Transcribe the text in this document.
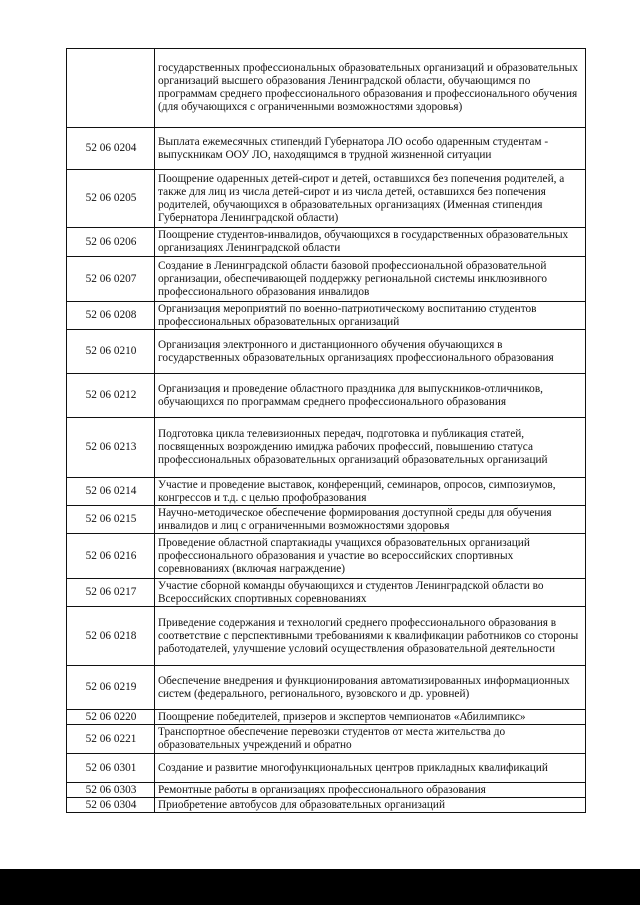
	государственных профессиональных образовательных организаций и образовательных организаций высшего образования Ленинградской области, обучающимся по программам среднего профессионального образования и профессионального обучения (для обучающихся с ограниченными возможностями здоровья)
52 06 0204	Выплата ежемесячных стипендий Губернатора ЛО особо одаренным студентам - выпускникам ООУ ЛО, находящимся в трудной жизненной ситуации
52 06 0205	Поощрение одаренных детей-сирот и детей, оставшихся без попечения родителей, а также для лиц из числа детей-сирот и из числа детей, оставшихся без попечения родителей, обучающихся в образовательных организациях (Именная стипендия Губернатора Ленинградской области)
52 06 0206	Поощрение студентов-инвалидов, обучающихся в государственных образовательных организациях Ленинградской области
52 06 0207	Создание в Ленинградской области базовой профессиональной образовательной организации, обеспечивающей поддержку региональной системы инклюзивного профессионального образования инвалидов
52 06 0208	Организация мероприятий по военно-патриотическому воспитанию студентов профессиональных образовательных организаций
52 06 0210	Организация электронного и дистанционного обучения обучающихся в государственных образовательных организациях профессионального образования
52 06 0212	Организация и проведение областного праздника для выпускников-отличников, обучающихся по программам среднего профессионального образования
52 06 0213	Подготовка цикла телевизионных передач, подготовка и публикация статей, посвященных возрождению имиджа рабочих профессий, повышению статуса профессиональных образовательных организаций образовательных организаций
52 06 0214	Участие и проведение выставок, конференций, семинаров, опросов, симпозиумов, конгрессов и т.д. с целью профобразования
52 06 0215	Научно-методическое обеспечение формирования доступной среды для обучения инвалидов и лиц с ограниченными возможностями здоровья
52 06 0216	Проведение областной спартакиады учащихся образовательных организаций профессионального образования и участие во всероссийских спортивных соревнованиях (включая награждение)
52 06 0217	Участие сборной команды обучающихся и студентов Ленинградской области во Всероссийских спортивных соревнованиях
52 06 0218	Приведение содержания и технологий среднего профессионального образования в соответствие с перспективными требованиями к квалификации работников со стороны работодателей, улучшение условий осуществления образовательной деятельности
52 06 0219	Обеспечение внедрения и функционирования автоматизированных информационных систем (федерального, регионального, вузовского и др. уровней)
52 06 0220	Поощрение победителей, призеров и экспертов чемпионатов «Абилимпикс»
52 06 0221	Транспортное обеспечение перевозки студентов от места жительства до образовательных учреждений и обратно
52 06 0301	Создание и развитие многофункциональных центров прикладных квалификаций
52 06 0303	Ремонтные работы в организациях профессионального образования
52 06 0304	Приобретение автобусов для образовательных организаций
